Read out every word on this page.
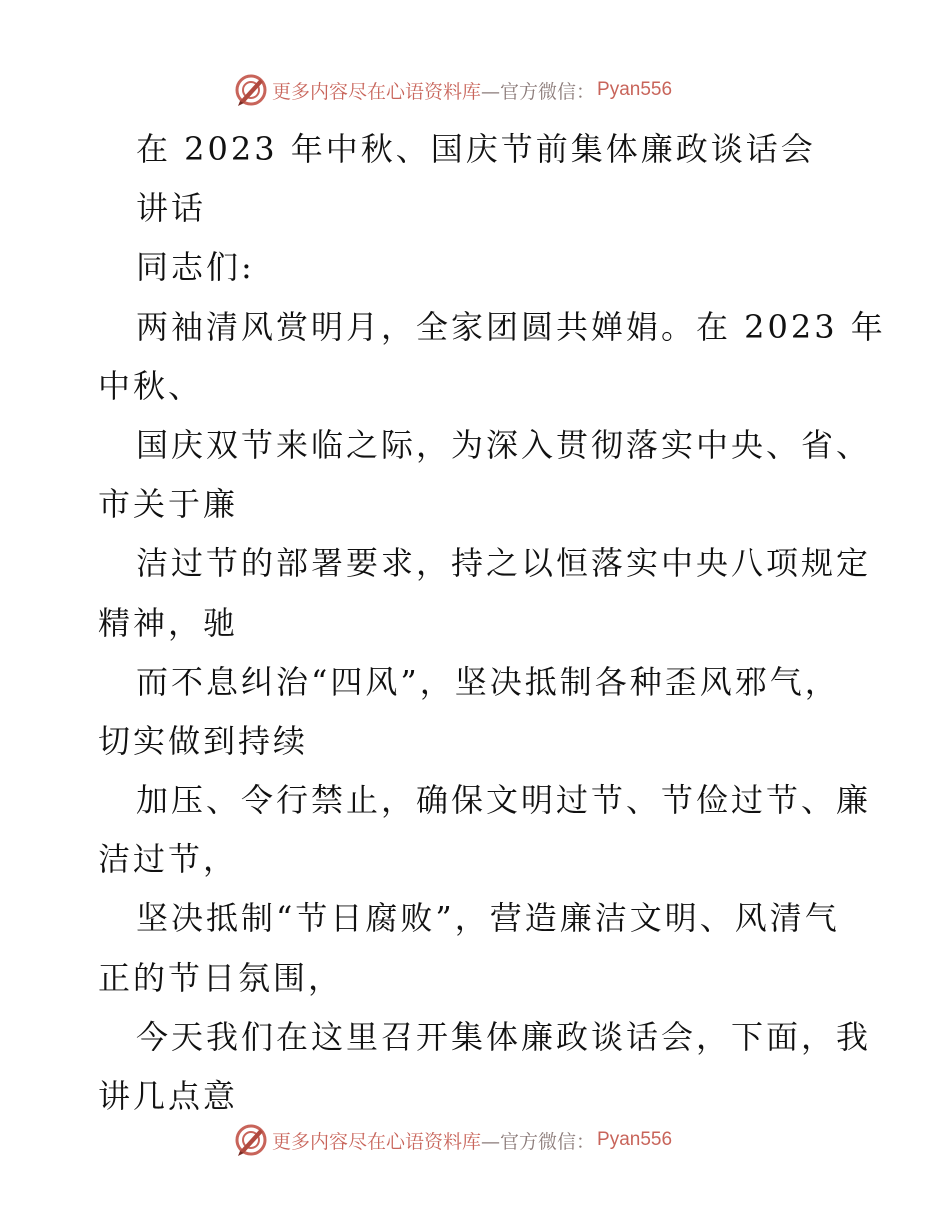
更多内容尽在心语资料库 —官方微信： Pyan556
在 2023 年中秋、国庆节前集体廉政谈话会
讲话
同志们:
两袖清风赏明月，全家团圆共婵娟。在 2023 年
中秋、
国庆双节来临之际，为深入贯彻落实中央、省、
市关于廉
洁过节的部署要求，持之以恒落实中央八项规定
精神，驰
而不息纠治“四风”，坚决抵制各种歪风邪气，
切实做到持续
加压、令行禁止，确保文明过节、节俭过节、廉
洁过节，
坚决抵制“节日腐败”，营造廉洁文明、风清气
正的节日氛围，
今天我们在这里召开集体廉政谈话会，下面，我
讲几点意
更多内容尽在心语资料库 —官方微信： Pyan556
